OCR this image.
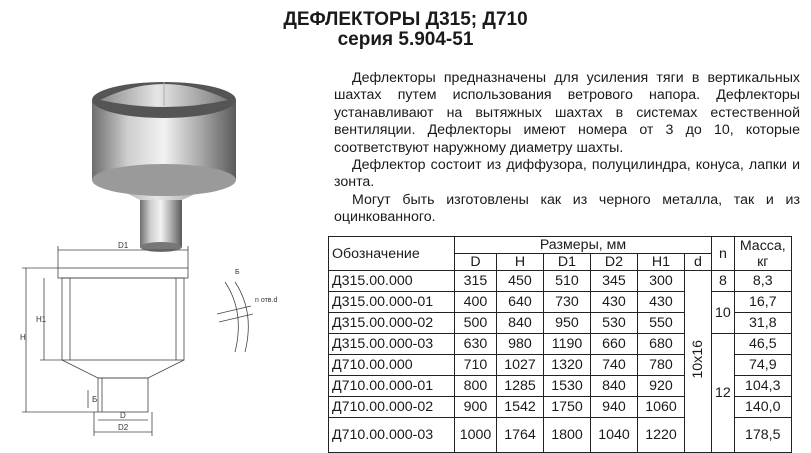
ДЕФЛЕКТОРЫ Д315; Д710
серия 5.904-51
D1
H
H1
Б
D
D2
Б
n отв.d

Дефлекторы предназначены для усиления тяги в вертикальных шахтах путем использования ветрового напора. Дефлекторы устанавливают на вытяжных шахтах в системах естественной вентиляции. Дефлекторы имеют номера от 3 до 10, которые соответствуют наружному диаметру шахты.

Дефлектор состоит из диффузора, полуцилиндра, конуса, лапки и зонта.

Могут быть изготовлены как из черного металла, так и из оцинкованного.

Обозначение	Размеры, мм						n	Масса, кг
	D	H	D1	D2	H1	d		
Д315.00.000	315	450	510	345	300	10x16	8	8,3
Д315.00.000-01	400	640	730	430	430		10	16,7
Д315.00.000-02	500	840	950	530	550			31,8
Д315.00.000-03	630	980	1190	660	680		12	46,5
Д710.00.000	710	1027	1320	740	780			74,9
Д710.00.000-01	800	1285	1530	840	920			104,3
Д710.00.000-02	900	1542	1750	940	1060			140,0
Д710.00.000-03	1000	1764	1800	1040	1220			178,5
